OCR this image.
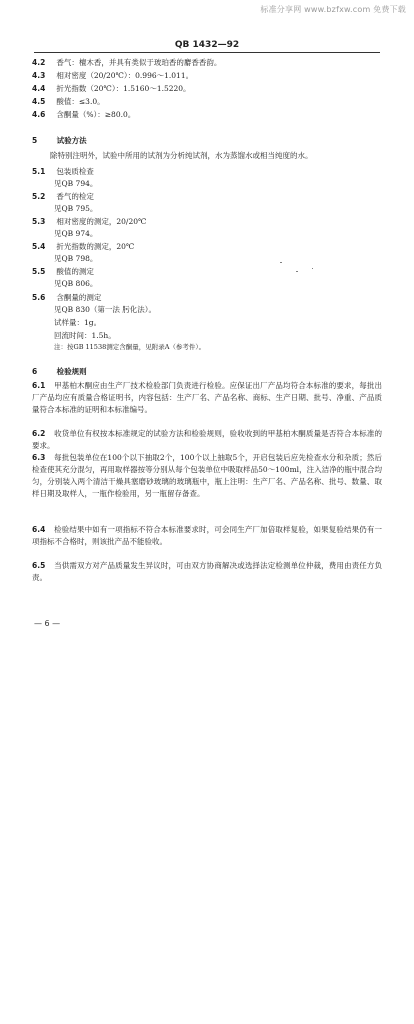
标准分享网 www.bzfxw.com 免费下载
QB 1432—92
4.2 香气：檀木香，并具有类似于玻珀香的麝香香韵。
4.3 相对密度（20/20℃）：0.996～1.011。
4.4 折光指数（20℃）：1.5160～1.5220。
4.5 酸值：≤3.0。
4.6 含酮量（%）：≥80.0。
5	试验方法
除特别注明外，试验中所用的试剂为分析纯试剂，水为蒸馏水或相当纯度的水。
5.1 包装质检查
见QB 794。
5.2 香气的检定
见QB 795。
5.3 相对密度的测定，20/20℃
见QB 974。
5.4 折光指数的测定，20℃
见QB 798。
5.5 酸值的测定
见QB 806。
5.6 含酮量的测定
见QB 830（第一法 肟化法）。
试样量：1g。
回流时间：1.5h。
注：按GB 11538测定含酮量，见附录A（参考件）。
6	检验规则
6.1 甲基柏木酮应由生产厂技术检验部门负责进行检验。应保证出厂产品均符合本标准的要求，每批出厂产品均应有质量合格证明书，内容包括：生产厂名、产品名称、商标、生产日期、批号、净重、产品质量符合本标准的证明和本标准编号。
6.2 收货单位有权按本标准规定的试验方法和检验规则，验收收到的甲基柏木酮质量是否符合本标准的要求。
6.3 每批包装单位在100个以下抽取2个，100个以上抽取5个，开启包装后应先检查水分和杂质；然后检查使其充分混匀，再用取样器按等分别从每个包装单位中吸取样品50～100ml，注入洁净的瓶中混合均匀，分别装入两个清洁干燥具塞磨砂玻璃的玻璃瓶中，瓶上注明：生产厂名、产品名称、批号、数量、取样日期及取样人，一瓶作检验用，另一瓶留存备查。
6.4 检验结果中如有一项指标不符合本标准要求时，可会同生产厂加倍取样复验，如果复验结果仍有一项指标不合格时，则该批产品不能验收。
6.5 当供需双方对产品质量发生异议时，可由双方协商解决或选择法定检测单位仲裁，费用由责任方负责。
— 6 —
